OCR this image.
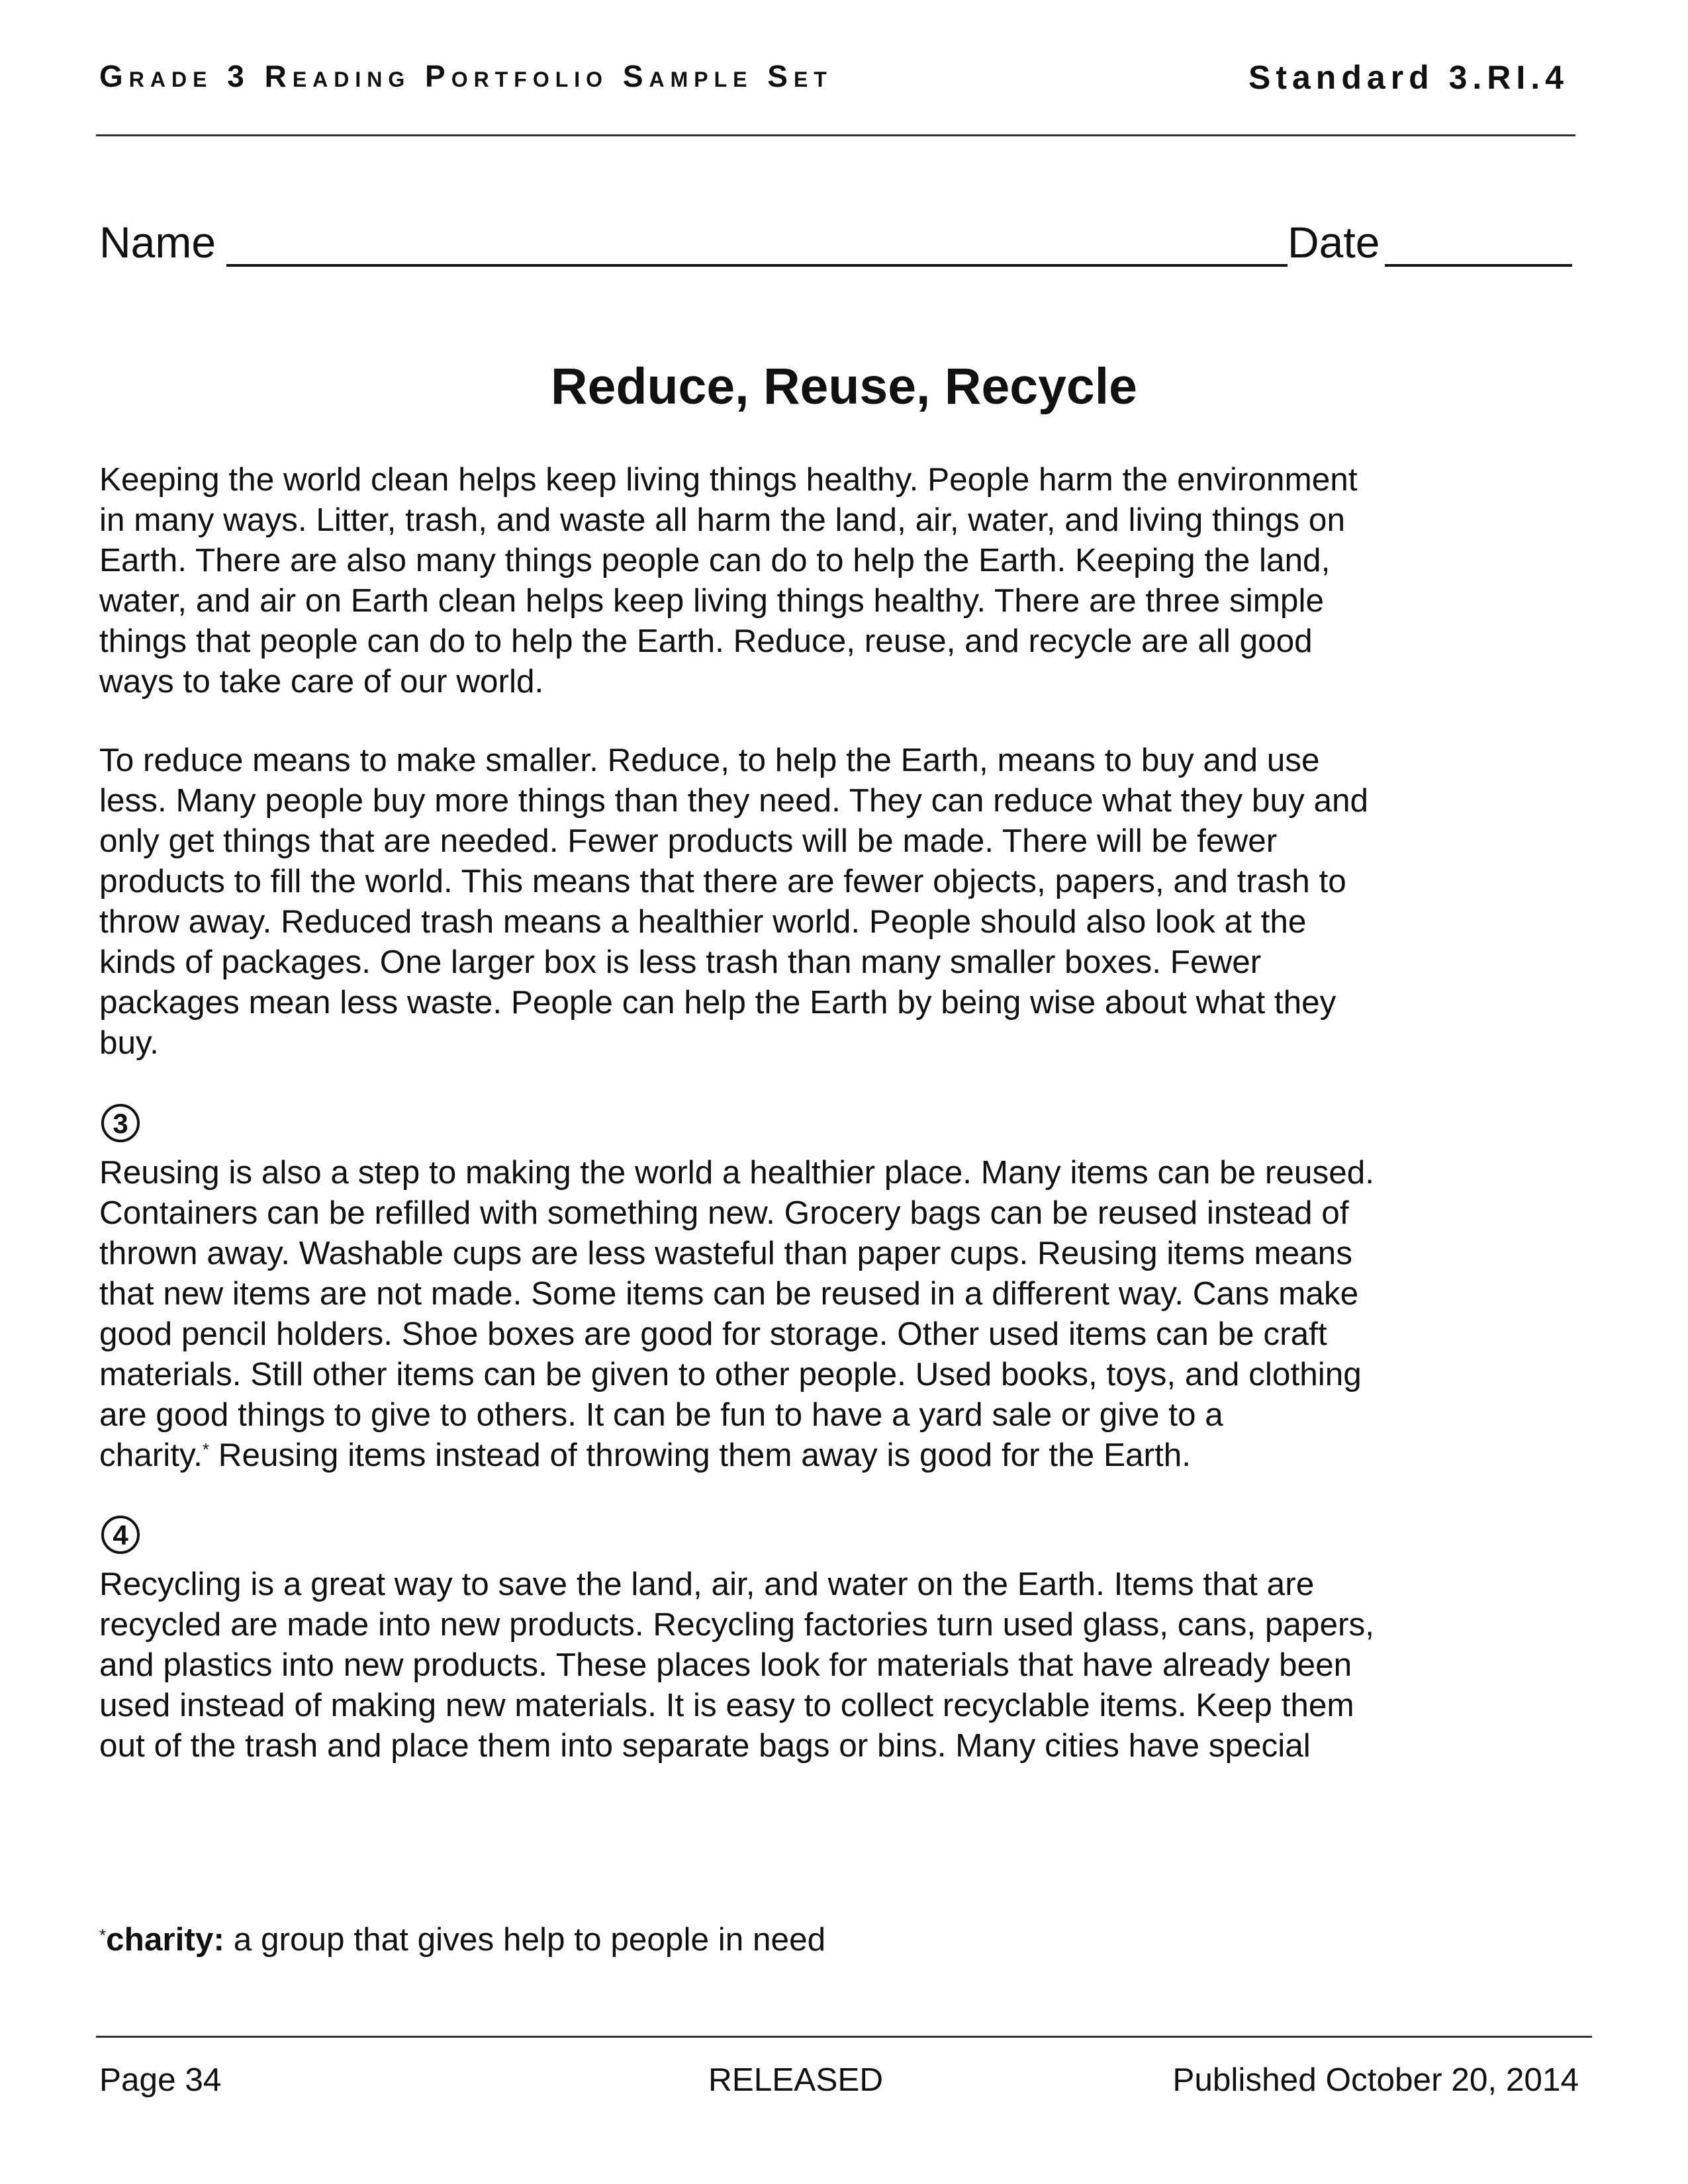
Grade 3 Reading Portfolio Sample Set	Standard 3.RI.4
Name	Date
Reduce, Reuse, Recycle

Keeping the world clean helps keep living things healthy. People harm the environment
in many ways. Litter, trash, and waste all harm the land, air, water, and living things on
Earth. There are also many things people can do to help the Earth. Keeping the land,
water, and air on Earth clean helps keep living things healthy. There are three simple
things that people can do to help the Earth. Reduce, reuse, and recycle are all good
ways to take care of our world.

To reduce means to make smaller. Reduce, to help the Earth, means to buy and use
less. Many people buy more things than they need. They can reduce what they buy and
only get things that are needed. Fewer products will be made. There will be fewer
products to fill the world. This means that there are fewer objects, papers, and trash to
throw away. Reduced trash means a healthier world. People should also look at the
kinds of packages. One larger box is less trash than many smaller boxes. Fewer
packages mean less waste. People can help the Earth by being wise about what they
buy.

3

Reusing is also a step to making the world a healthier place. Many items can be reused.
Containers can be refilled with something new. Grocery bags can be reused instead of
thrown away. Washable cups are less wasteful than paper cups. Reusing items means
that new items are not made. Some items can be reused in a different way. Cans make
good pencil holders. Shoe boxes are good for storage. Other used items can be craft
materials. Still other items can be given to other people. Used books, toys, and clothing
are good things to give to others. It can be fun to have a yard sale or give to a
charity.* Reusing items instead of throwing them away is good for the Earth.

4

Recycling is a great way to save the land, air, and water on the Earth. Items that are
recycled are made into new products. Recycling factories turn used glass, cans, papers,
and plastics into new products. These places look for materials that have already been
used instead of making new materials. It is easy to collect recyclable items. Keep them
out of the trash and place them into separate bags or bins. Many cities have special

*charity: a group that gives help to people in need
Page 34	RELEASED	Published October 20, 2014
